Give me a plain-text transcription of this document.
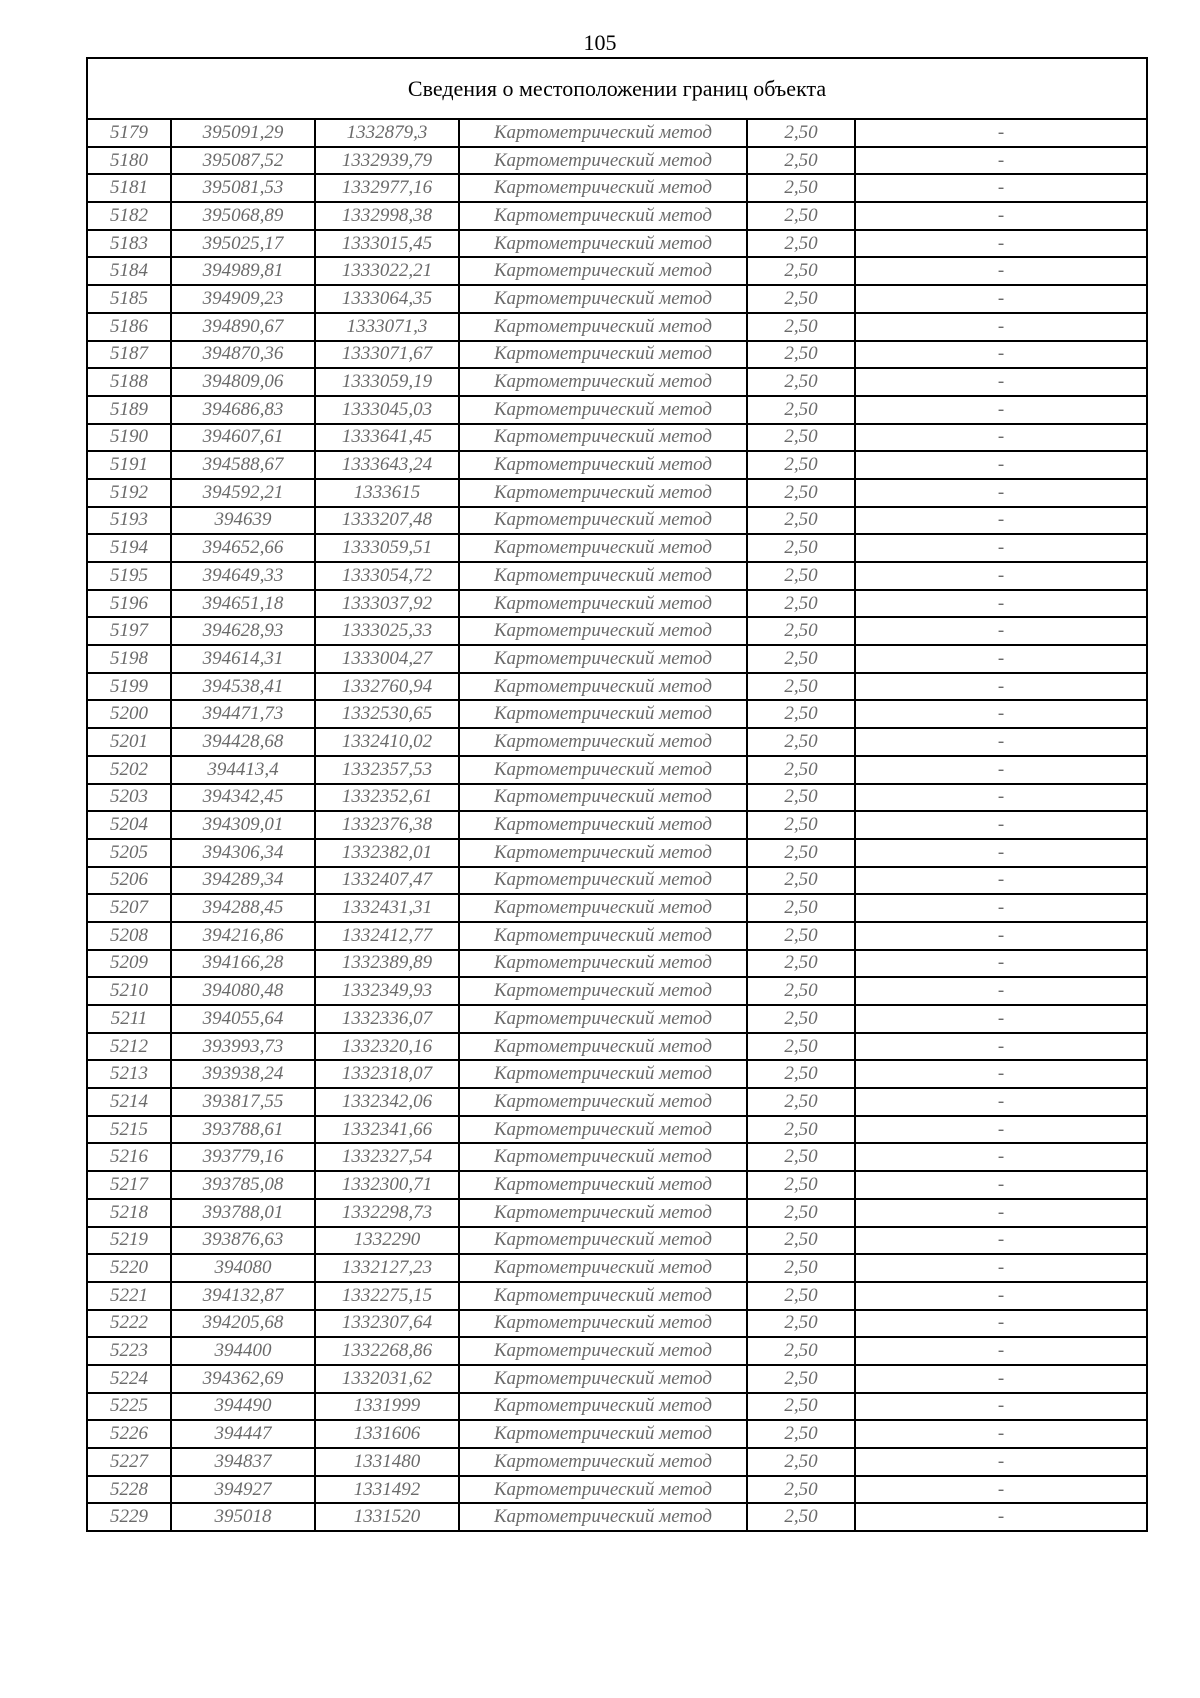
105
Сведения о местоположении границ объекта					
5179	395091,29	1332879,3	Картометрический метод	2,50	-
5180	395087,52	1332939,79	Картометрический метод	2,50	-
5181	395081,53	1332977,16	Картометрический метод	2,50	-
5182	395068,89	1332998,38	Картометрический метод	2,50	-
5183	395025,17	1333015,45	Картометрический метод	2,50	-
5184	394989,81	1333022,21	Картометрический метод	2,50	-
5185	394909,23	1333064,35	Картометрический метод	2,50	-
5186	394890,67	1333071,3	Картометрический метод	2,50	-
5187	394870,36	1333071,67	Картометрический метод	2,50	-
5188	394809,06	1333059,19	Картометрический метод	2,50	-
5189	394686,83	1333045,03	Картометрический метод	2,50	-
5190	394607,61	1333641,45	Картометрический метод	2,50	-
5191	394588,67	1333643,24	Картометрический метод	2,50	-
5192	394592,21	1333615	Картометрический метод	2,50	-
5193	394639	1333207,48	Картометрический метод	2,50	-
5194	394652,66	1333059,51	Картометрический метод	2,50	-
5195	394649,33	1333054,72	Картометрический метод	2,50	-
5196	394651,18	1333037,92	Картометрический метод	2,50	-
5197	394628,93	1333025,33	Картометрический метод	2,50	-
5198	394614,31	1333004,27	Картометрический метод	2,50	-
5199	394538,41	1332760,94	Картометрический метод	2,50	-
5200	394471,73	1332530,65	Картометрический метод	2,50	-
5201	394428,68	1332410,02	Картометрический метод	2,50	-
5202	394413,4	1332357,53	Картометрический метод	2,50	-
5203	394342,45	1332352,61	Картометрический метод	2,50	-
5204	394309,01	1332376,38	Картометрический метод	2,50	-
5205	394306,34	1332382,01	Картометрический метод	2,50	-
5206	394289,34	1332407,47	Картометрический метод	2,50	-
5207	394288,45	1332431,31	Картометрический метод	2,50	-
5208	394216,86	1332412,77	Картометрический метод	2,50	-
5209	394166,28	1332389,89	Картометрический метод	2,50	-
5210	394080,48	1332349,93	Картометрический метод	2,50	-
5211	394055,64	1332336,07	Картометрический метод	2,50	-
5212	393993,73	1332320,16	Картометрический метод	2,50	-
5213	393938,24	1332318,07	Картометрический метод	2,50	-
5214	393817,55	1332342,06	Картометрический метод	2,50	-
5215	393788,61	1332341,66	Картометрический метод	2,50	-
5216	393779,16	1332327,54	Картометрический метод	2,50	-
5217	393785,08	1332300,71	Картометрический метод	2,50	-
5218	393788,01	1332298,73	Картометрический метод	2,50	-
5219	393876,63	1332290	Картометрический метод	2,50	-
5220	394080	1332127,23	Картометрический метод	2,50	-
5221	394132,87	1332275,15	Картометрический метод	2,50	-
5222	394205,68	1332307,64	Картометрический метод	2,50	-
5223	394400	1332268,86	Картометрический метод	2,50	-
5224	394362,69	1332031,62	Картометрический метод	2,50	-
5225	394490	1331999	Картометрический метод	2,50	-
5226	394447	1331606	Картометрический метод	2,50	-
5227	394837	1331480	Картометрический метод	2,50	-
5228	394927	1331492	Картометрический метод	2,50	-
5229	395018	1331520	Картометрический метод	2,50	-
